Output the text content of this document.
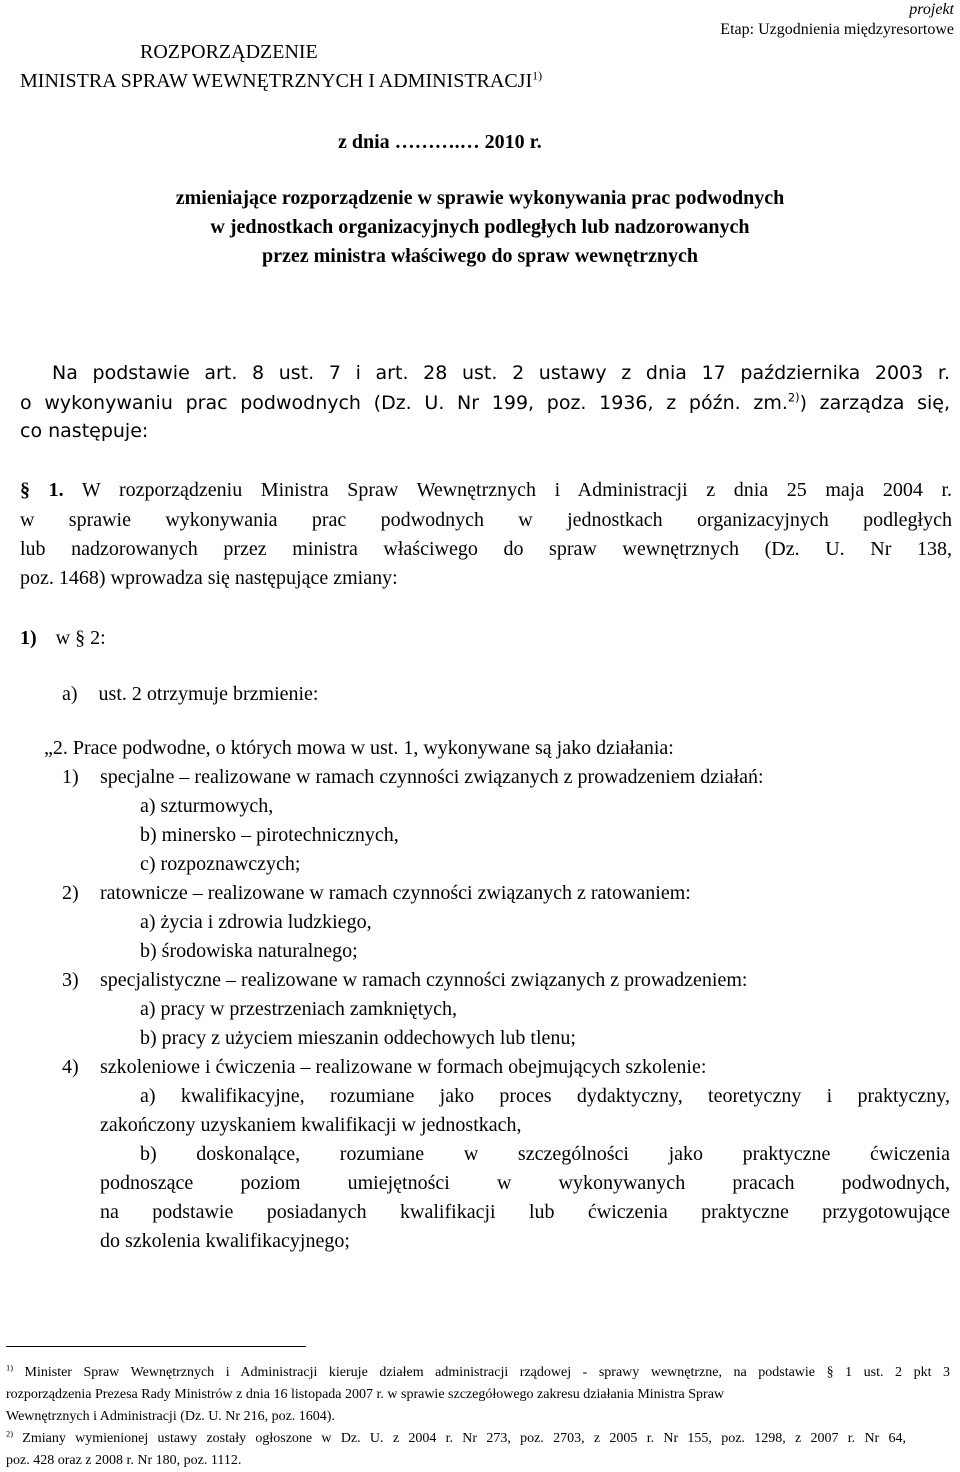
projekt
Etap: Uzgodnienia międzyresortowe
ROZPORZĄDZENIE
MINISTRA SPRAW WEWNĘTRZNYCH I ADMINISTRACJI$^{1)}$
z dnia ……….… 2010 r.
zmieniające rozporządzenie w sprawie wykonywania prac podwodnych
w jednostkach organizacyjnych podległych lub nadzorowanych
przez ministra właściwego do spraw wewnętrznych
Na podstawie art. 8 ust. 7 i art. 28 ust. 2 ustawy z dnia 17 października 2003 r.
o wykonywaniu prac podwodnych (Dz. U. Nr 199, poz. 1936, z późn. zm.$^{2)}$) zarządza się,
co następuje:
§ 1. W rozporządzeniu Ministra Spraw Wewnętrznych i Administracji z dnia 25 maja 2004 r.
w sprawie wykonywania prac podwodnych w jednostkach organizacyjnych podległych
lub nadzorowanych przez ministra właściwego do spraw wewnętrznych (Dz. U. Nr 138,
poz. 1468) wprowadza się następujące zmiany:
1) w § 2:
a) ust. 2 otrzymuje brzmienie:
„2. Prace podwodne, o których mowa w ust. 1, wykonywane są jako działania:
1) specjalne – realizowane w ramach czynności związanych z prowadzeniem działań:
a) szturmowych,
b) minersko – pirotechnicznych,
c) rozpoznawczych;
2) ratownicze – realizowane w ramach czynności związanych z ratowaniem:
a) życia i zdrowia ludzkiego,
b) środowiska naturalnego;
3) specjalistyczne – realizowane w ramach czynności związanych z prowadzeniem:
a) pracy w przestrzeniach zamkniętych,
b) pracy z użyciem mieszanin oddechowych lub tlenu;
4) szkoleniowe i ćwiczenia – realizowane w formach obejmujących szkolenie:
a) kwalifikacyjne, rozumiane jako proces dydaktyczny, teoretyczny i praktyczny,
zakończony uzyskaniem kwalifikacji w jednostkach,
b) doskonalące, rozumiane w szczególności jako praktyczne ćwiczenia
podnoszące poziom umiejętności w wykonywanych pracach podwodnych,
na podstawie posiadanych kwalifikacji lub ćwiczenia praktyczne przygotowujące
do szkolenia kwalifikacyjnego;
$^{1)}$ Minister Spraw Wewnętrznych i Administracji kieruje działem administracji rządowej - sprawy wewnętrzne, na podstawie § 1 ust. 2 pkt 3
rozporządzenia Prezesa Rady Ministrów z dnia 16 listopada 2007 r. w sprawie szczegółowego zakresu działania Ministra Spraw
Wewnętrznych i Administracji (Dz. U. Nr 216, poz. 1604).
$^{2)}$ Zmiany wymienionej ustawy zostały ogłoszone w Dz. U. z 2004 r. Nr 273, poz. 2703, z 2005 r. Nr 155, poz. 1298, z 2007 r. Nr 64,
poz. 428 oraz z 2008 r. Nr 180, poz. 1112.
